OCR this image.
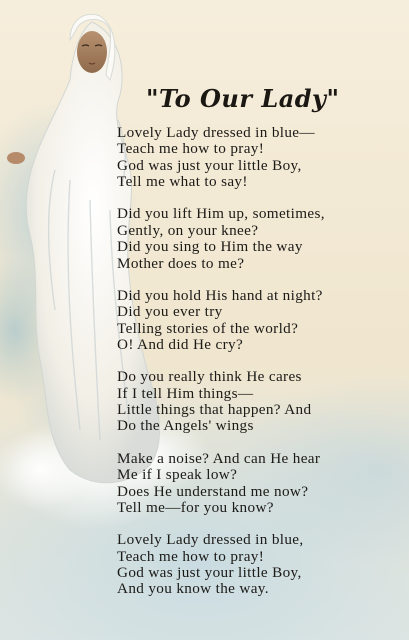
"To Our Lady"
Lovely Lady dressed in blue—
Teach me how to pray!
God was just your little Boy,
Tell me what to say!
Did you lift Him up, sometimes,
Gently, on your knee?
Did you sing to Him the way
Mother does to me?
Did you hold His hand at night?
Did you ever try
Telling stories of the world?
O! And did He cry?
Do you really think He cares
If I tell Him things—
Little things that happen? And
Do the Angels' wings
Make a noise? And can He hear
Me if I speak low?
Does He understand me now?
Tell me—for you know?
Lovely Lady dressed in blue,
Teach me how to pray!
God was just your little Boy,
And you know the way.
